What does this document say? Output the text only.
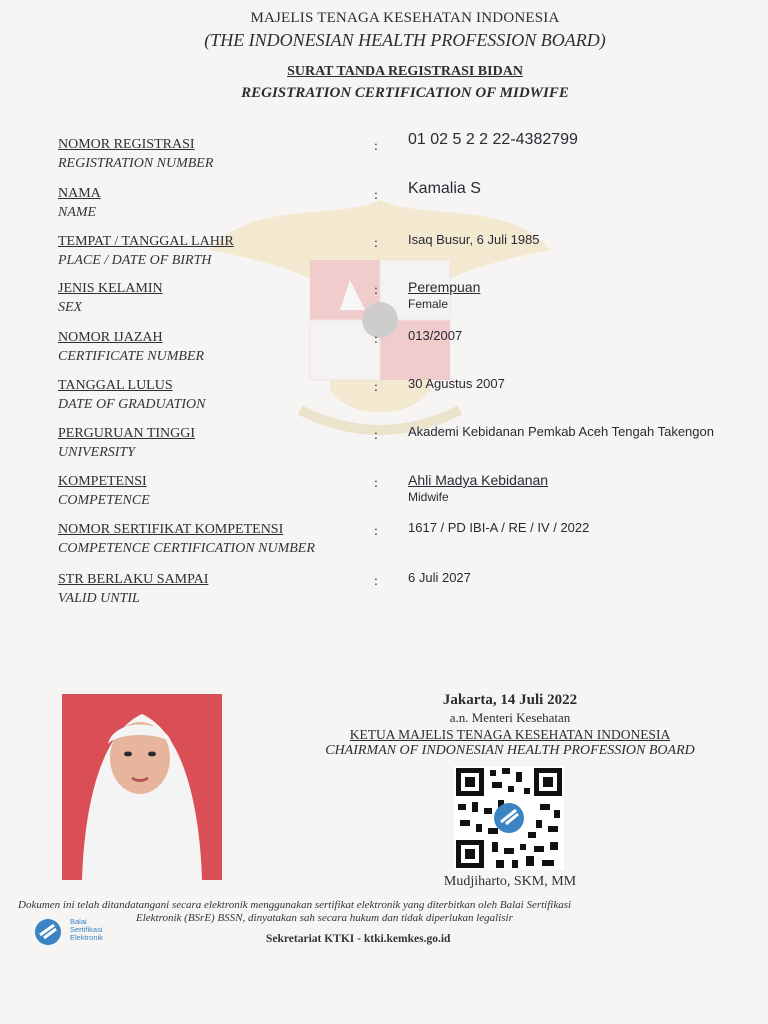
MAJELIS TENAGA KESEHATAN INDONESIA
(THE INDONESIAN HEALTH PROFESSION BOARD)
SURAT TANDA REGISTRASI BIDAN
REGISTRATION CERTIFICATION OF MIDWIFE
NOMOR REGISTRASI
REGISTRATION NUMBER
: 01 02 5 2 2 22-4382799
NAMA
NAME
: Kamalia S
TEMPAT / TANGGAL LAHIR
PLACE / DATE OF BIRTH
: Isaq Busur, 6 Juli 1985
JENIS KELAMIN
SEX
: Perempuan
Female
NOMOR IJAZAH
CERTIFICATE NUMBER
: 013/2007
TANGGAL LULUS
DATE OF GRADUATION
: 30 Agustus 2007
PERGURUAN TINGGI
UNIVERSITY
: Akademi Kebidanan Pemkab Aceh Tengah Takengon
KOMPETENSI
COMPETENCE
: Ahli Madya Kebidanan
Midwife
NOMOR SERTIFIKAT KOMPETENSI
COMPETENCE CERTIFICATION NUMBER
: 1617 / PD IBI-A / RE / IV / 2022
STR BERLAKU SAMPAI
VALID UNTIL
: 6 Juli 2027
Jakarta, 14 Juli 2022
a.n. Menteri Kesehatan
KETUA MAJELIS TENAGA KESEHATAN INDONESIA
CHAIRMAN OF INDONESIAN HEALTH PROFESSION BOARD
Mudjiharto, SKM, MM
Dokumen ini telah ditandatangani secara elektronik menggunakan sertifikat elektronik yang diterbitkan oleh Balai Sertifikasi
Balai
Sertifikasi
Elektronik
Elektronik (BSrE) BSSN, dinyatakan sah secara hukum dan tidak diperlukan legalisir
Sekretariat KTKI - ktki.kemkes.go.id
